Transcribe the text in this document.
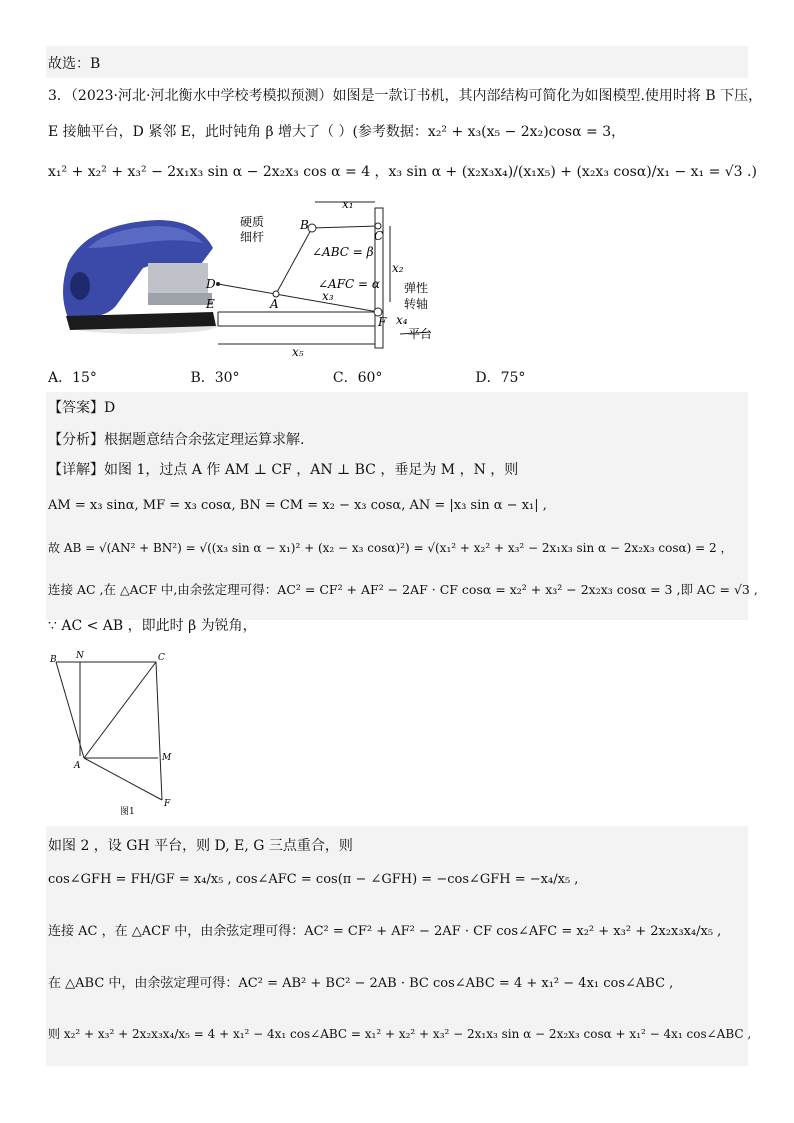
故选：B
3．（2023·河北·河北衡水中学校考模拟预测）如图是一款订书机，其内部结构可简化为如图模型.使用时将 B 下压，
E 接触平台，D 紧邻 E，此时钝角 β 增大了（ ）(参考数据：x₂² + x₃(x₅ − 2x₂)cosα = 3，
x₁² + x₂² + x₃² − 2x₁x₃ sin α − 2x₂x₃ cos α = 4 ，x₃ sin α + (x₂x₃x₄)/(x₁x₅) + (x₂x₃ cosα)/x₁ − x₁ = √3 .)
硬质
细杆
∠ABC = β
∠AFC = α 弹性
转轴
平台
B
C
D
E	A
F
x₁
x₂
x₃
x₄
x₅
A．15°	B．30°	C．60°	D．75°
【答案】D
【分析】根据题意结合余弦定理运算求解.
【详解】如图 1，过点 A 作 AM ⊥ CF ，AN ⊥ BC ，垂足为 M ，N ，则
AM = x₃ sinα, MF = x₃ cosα, BN = CM = x₂ − x₃ cosα, AN = |x₃ sin α − x₁| ,
故 AB = √(AN² + BN²) = √((x₃ sin α − x₁)² + (x₂ − x₃ cosα)²) = √(x₁² + x₂² + x₃² − 2x₁x₃ sin α − 2x₂x₃ cosα) = 2 ，
连接 AC ,在 △ACF 中,由余弦定理可得：AC² = CF² + AF² − 2AF · CF cosα = x₂² + x₃² − 2x₂x₃ cosα = 3 ,即 AC = √3 ,
∵ AC < AB ，即此时 β 为锐角，
B N	C
M
A
F
图1
如图 2 ，设 GH 平台，则 D, E, G 三点重合，则
cos∠GFH = FH/GF = x₄/x₅ , cos∠AFC = cos(π − ∠GFH) = −cos∠GFH = −x₄/x₅ ,
连接 AC ，在 △ACF 中，由余弦定理可得：AC² = CF² + AF² − 2AF · CF cos∠AFC = x₂² + x₃² + 2x₂x₃x₄/x₅ ,
在 △ABC 中，由余弦定理可得：AC² = AB² + BC² − 2AB · BC cos∠ABC = 4 + x₁² − 4x₁ cos∠ABC ,
则 x₂² + x₃² + 2x₂x₃x₄/x₅ = 4 + x₁² − 4x₁ cos∠ABC = x₁² + x₂² + x₃² − 2x₁x₃ sin α − 2x₂x₃ cosα + x₁² − 4x₁ cos∠ABC ,
